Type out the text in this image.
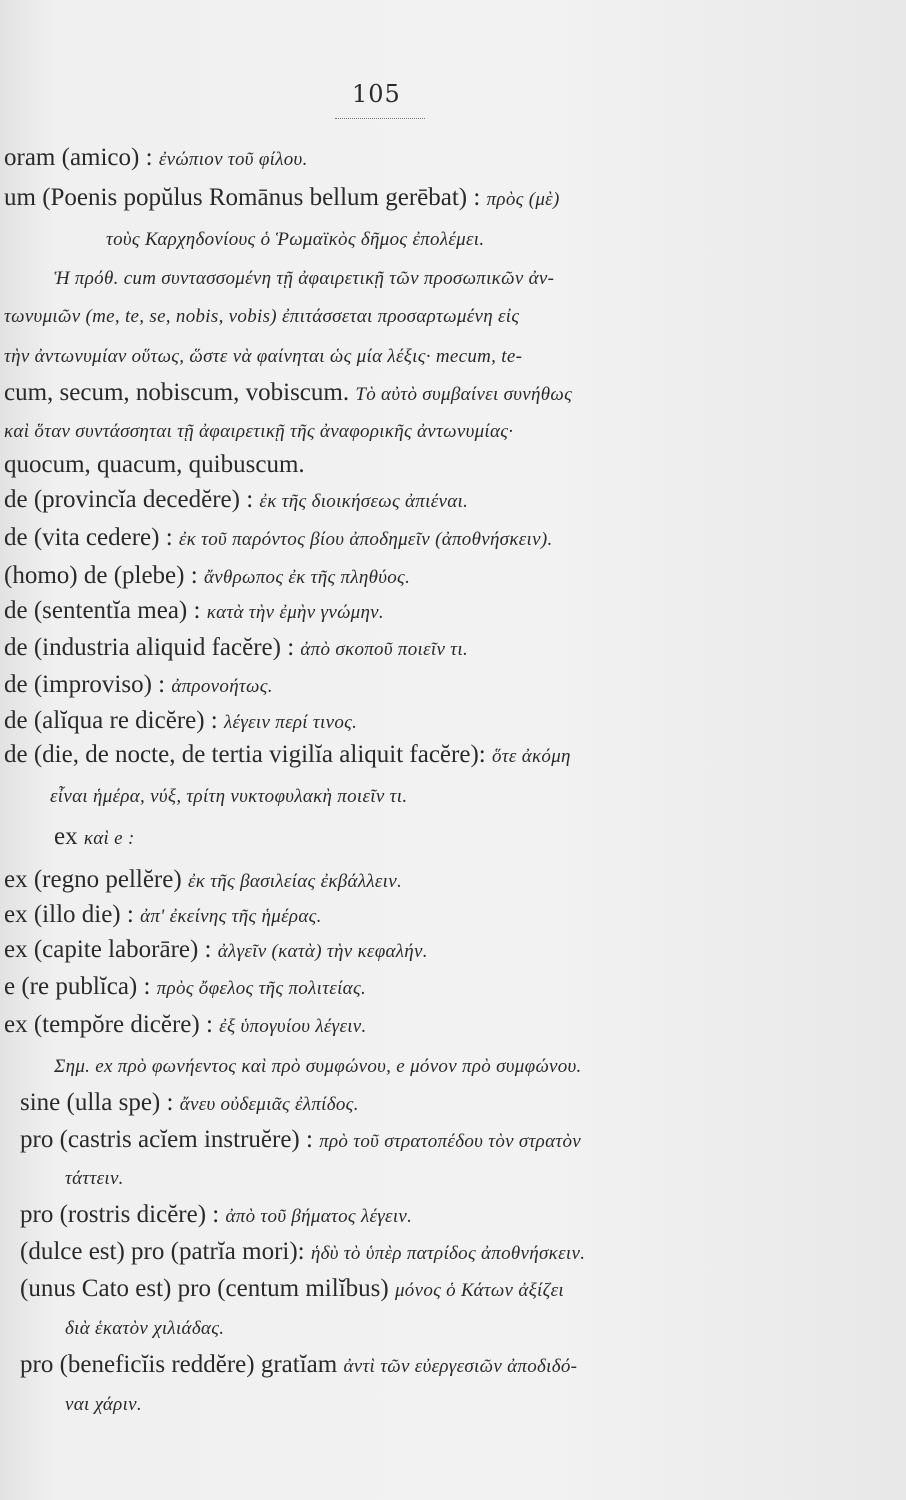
105
oram (amico) : ἐνώπιον τοῦ φίλου.
um (Poenis popŭlus Romānus bellum gerēbat) : πρὸς (μὲ)
τοὺς Καρχηδονίους ὁ Ῥωμαϊκὸς δῆμος ἐπολέμει.
Ἡ πρόθ. cum συντασσομένη τῇ ἀφαιρετικῇ τῶν προσωπικῶν ἀν-
τωνυμιῶν (me, te, se, nobis, vobis) ἐπιτάσσεται προσαρτωμένη εἰς
τὴν ἀντωνυμίαν οὕτως, ὥστε νὰ φαίνηται ὡς μία λέξις· mecum, te-
cum, secum, nobiscum, vobiscum. Τὸ αὐτὸ συμβαίνει συνήθως
καὶ ὅταν συντάσσηται τῇ ἀφαιρετικῇ τῆς ἀναφορικῆς ἀντωνυμίας·
quocum, quacum, quibuscum.
de (provincĭa decedĕre) : ἐκ τῆς διοικήσεως ἀπιέναι.
de (vita cedere) : ἐκ τοῦ παρόντος βίου ἀποδημεῖν (ἀποθνήσκειν).
(homo) de (plebe) : ἄνθρωπος ἐκ τῆς πληθύος.
de (sententĭa mea) : κατὰ τὴν ἐμὴν γνώμην.
de (industria aliquid facĕre) : ἀπὸ σκοποῦ ποιεῖν τι.
de (improviso) : ἀπρονοήτως.
de (alĭqua re dicĕre) : λέγειν περί τινος.
de (die, de nocte, de tertia vigilĭa aliquit facĕre): ὅτε ἀκόμη
εἶναι ἡμέρα, νύξ, τρίτη νυκτοφυλακὴ ποιεῖν τι.
ex καὶ e :
ex (regno pellĕre) ἐκ τῆς βασιλείας ἐκβάλλειν.
ex (illo die) : ἀπ' ἐκείνης τῆς ἡμέρας.
ex (capite laborāre) : ἀλγεῖν (κατὰ) τὴν κεφαλήν.
e (re publĭca) : πρὸς ὄφελος τῆς πολιτείας.
ex (tempŏre dicĕre) : ἐξ ὑπογυίου λέγειν.
Σημ. ex πρὸ φωνήεντος καὶ πρὸ συμφώνου, e μόνον πρὸ συμφώνου.
sine (ulla spe) : ἄνευ οὐδεμιᾶς ἐλπίδος.
pro (castris acĭem instruĕre) : πρὸ τοῦ στρατοπέδου τὸν στρατὸν
τάττειν.
pro (rostris dicĕre) : ἀπὸ τοῦ βήματος λέγειν.
(dulce est) pro (patrĭa mori): ἡδὺ τὸ ὑπὲρ πατρίδος ἀποθνήσκειν.
(unus Cato est) pro (centum milĭbus) μόνος ὁ Κάτων ἀξίζει
διὰ ἑκατὸν χιλιάδας.
pro (beneficĭis reddĕre) gratĭam ἀντὶ τῶν εὐεργεσιῶν ἀποδιδό-
ναι χάριν.
